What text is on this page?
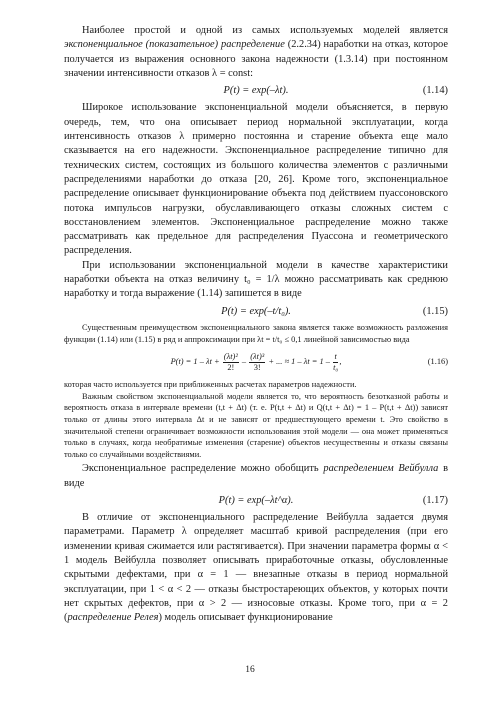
Наиболее простой и одной из самых используемых моделей является экспоненциальное (показательное) распределение (2.2.34) наработки на отказ, которое получается из выражения основного закона надежности (1.3.14) при постоянном значении интенсивности отказов λ = const:

P(t) = exp(–λt).	(1.14)

Широкое использование экспоненциальной модели объясняется, в первую очередь, тем, что она описывает период нормальной эксплуатации, когда интенсивность отказов λ примерно постоянна и старение объекта еще мало сказывается на его надежности. Экспоненциальное распределение типично для технических систем, состоящих из большого количества элементов с различными распределениями наработки до отказа [20, 26]. Кроме того, экспоненциальное распределение описывает функционирование объекта под действием пуассоновского потока импульсов нагрузки, обуславливающего отказы сложных систем с восстановлением элементов. Экспоненциальное распределение можно также рассматривать как предельное для распределения Пуассона и геометрического распределения.

При использовании экспоненциальной модели в качестве характеристики наработки объекта на отказ величину t₀ = 1/λ можно рассматривать как среднюю наработку и тогда выражение (1.14) запишется в виде

P(t) = exp(–t/t₀).	(1.15)

Существенным преимуществом экспоненциального закона является также возможность разложения функции (1.14) или (1.15) в ряд и аппроксимации при λt = t/t₀ ≤ 0,1 линейной зависимостью вида

$P(t) = 1 - \lambda t + \frac{\text{(λt)²}}{2!} - \frac{\text{(λt)³}}{3!}$ + ... ≈ $1 - \lambda t = 1 - \frac{t}{\text{t₀}}$ ,	(1.16)

которая часто используется при приближенных расчетах параметров надежности.

Важным свойством экспоненциальной модели является то, что вероятность безотказной работы и вероятность отказа в интервале времени (t,t + Δt) (т. е. P(t,t + Δt) и Q(t,t + Δt) = 1 – P(t,t + Δt)) зависят только от длины этого интервала Δt и не зависят от предшествующего времени t. Это свойство в значительной степени ограничивает возможности использования этой модели — она может применяться только в случаях, когда необратимые изменения (старение) объектов несущественны и отказы связаны только со случайными воздействиями.

Экспоненциальное распределение можно обобщить распределением Вейбулла в виде

P(t) = exp(–λt^α).	(1.17)

В отличие от экспоненциального распределение Вейбулла задается двумя параметрами. Параметр λ определяет масштаб кривой распределения (при его изменении кривая сжимается или растягивается). При значении параметра формы α < 1 модель Вейбулла позволяет описывать приработочные отказы, обусловленные скрытыми дефектами, при α = 1 — внезапные отказы в период нормальной эксплуатации, при 1 < α < 2 — отказы быстростареющих объектов, у которых почти нет скрытых дефектов, при α > 2 — износовые отказы. Кроме того, при α = 2 (распределение Релея) модель описывает функционирование

16
